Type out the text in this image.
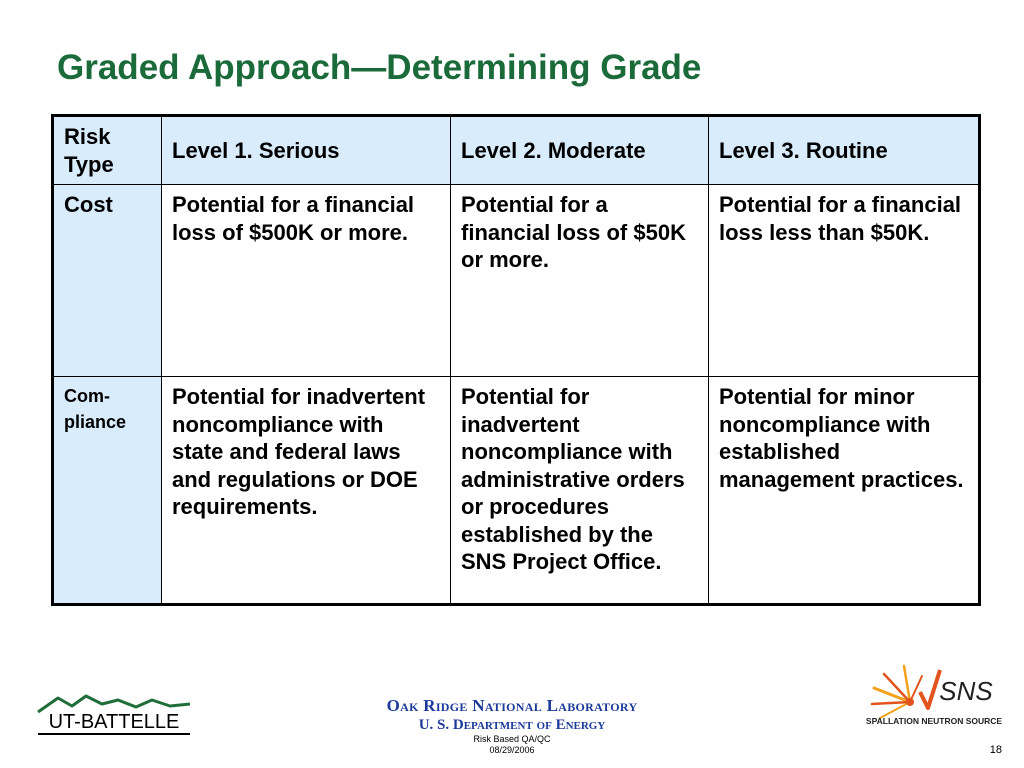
Graded Approach—Determining Grade
Risk Type	Level 1. Serious	Level 2. Moderate	Level 3. Routine
Cost	Potential for a financial loss of $500K or more.	Potential for a financial loss of $50K or more.	Potential for a financial loss less than $50K.
Com-pliance	Potential for inadvertent noncompliance with state and federal laws and regulations or DOE requirements.	Potential for inadvertent noncompliance with administrative orders or procedures established by the SNS Project Office.	Potential for minor noncompliance with established management practices.
UT-BATTELLE
Oak Ridge National Laboratory
U. S. Department of Energy
Risk Based QA/QC
08/29/2006
SNS
SPALLATION NEUTRON SOURCE
18
